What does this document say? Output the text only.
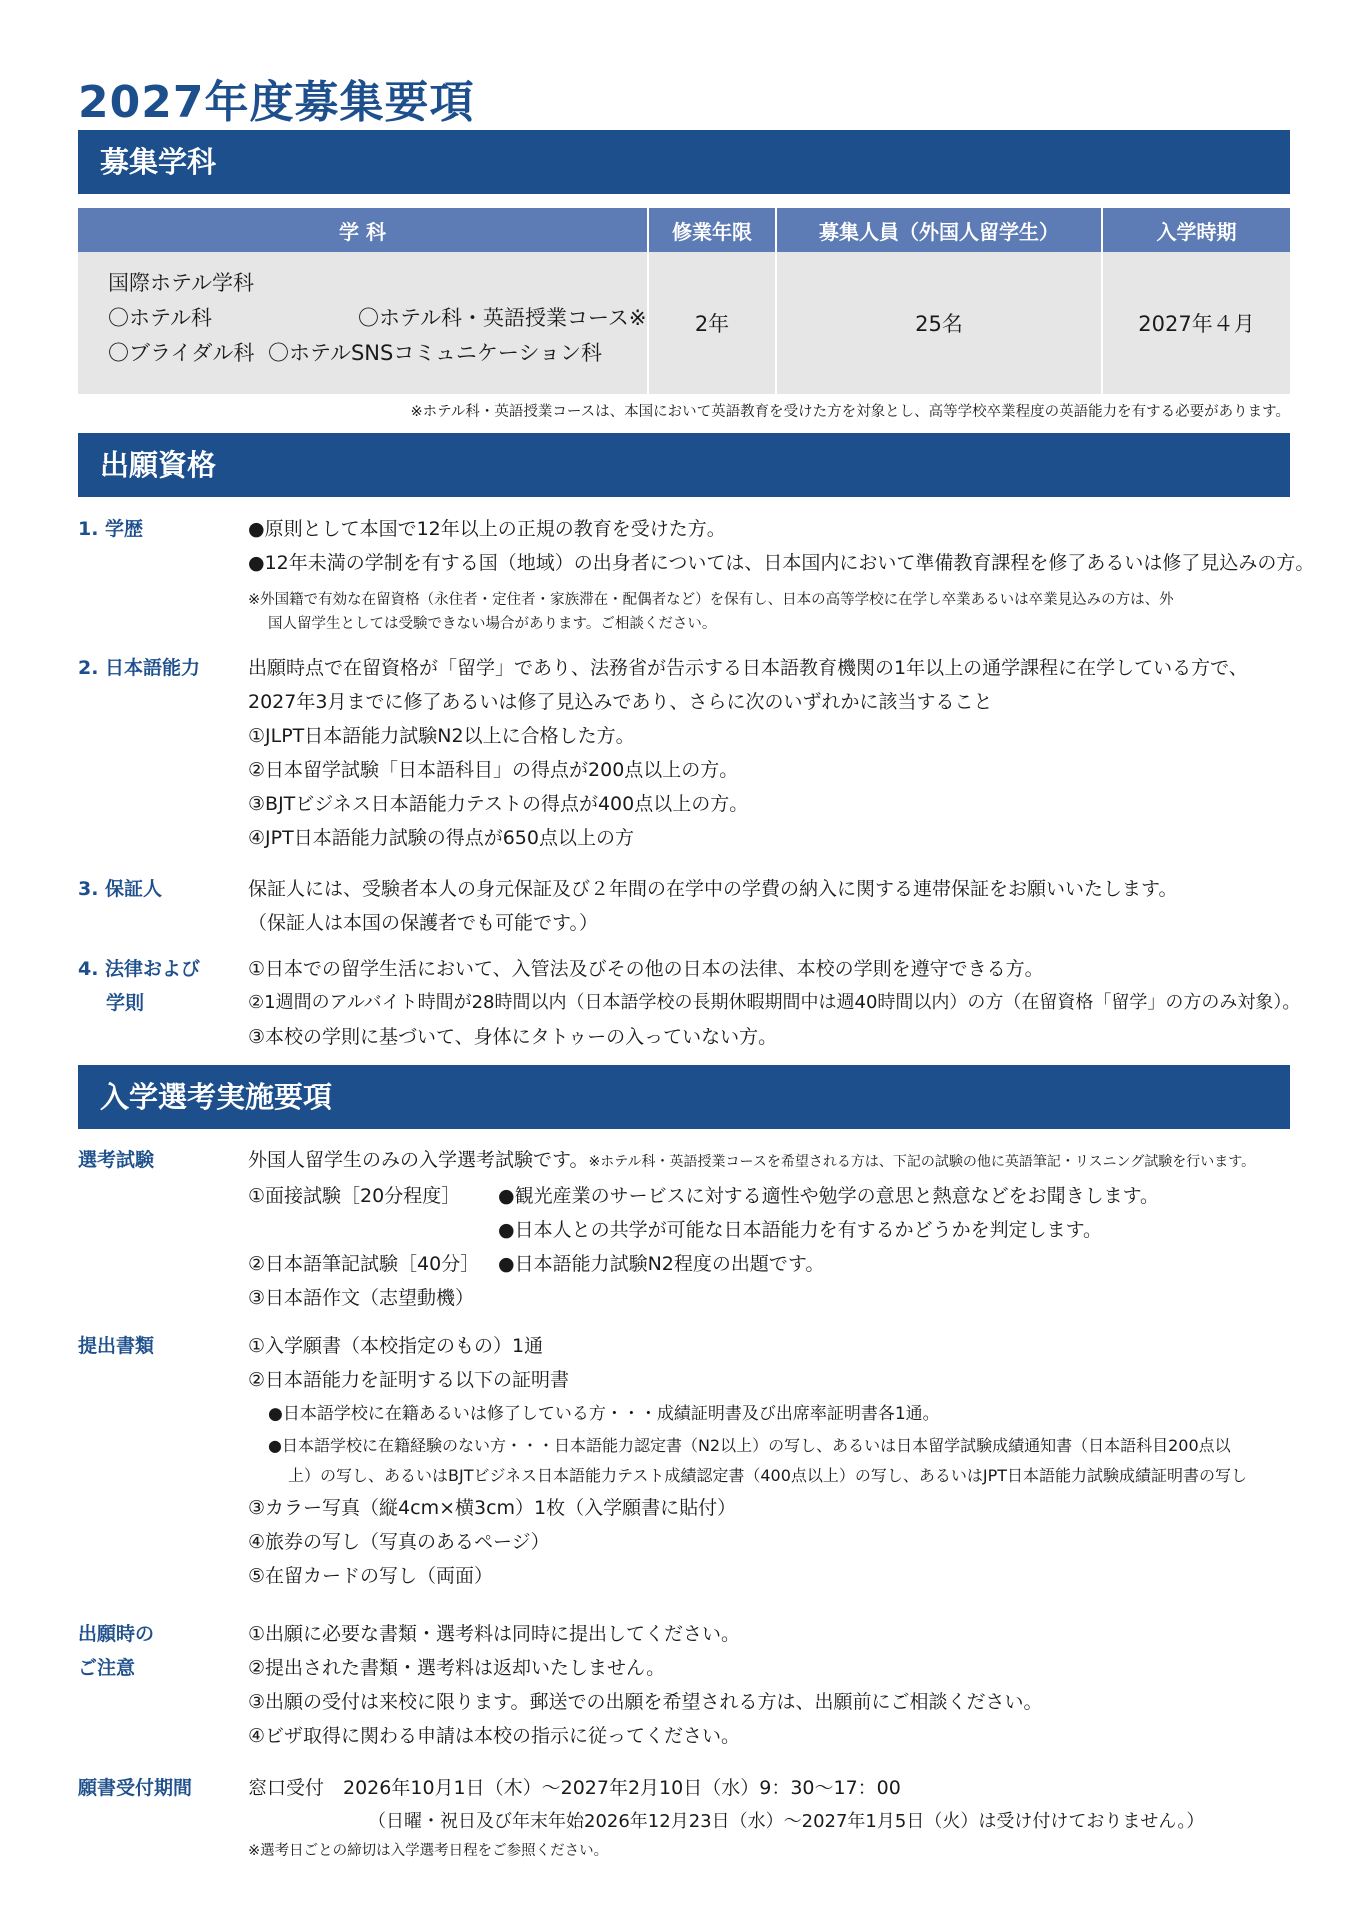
2027年度募集要項
募集学科
学 科	修業年限	募集人員（外国人留学生）	入学時期

国際ホテル学科
〇ホテル科 〇ホテル科・英語授業コース※
〇ブライダル科 〇ホテルSNSコミュニケーション科	2年	25名	2027年４月
※ホテル科・英語授業コースは、本国において英語教育を受けた方を対象とし、高等学校卒業程度の英語能力を有する必要があります。
出願資格
1. 学歴	●原則として本国で12年以上の正規の教育を受けた方。
●12年未満の学制を有する国（地域）の出身者については、日本国内において準備教育課程を修了あるいは修了見込みの方。
※外国籍で有効な在留資格（永住者・定住者・家族滞在・配偶者など）を保有し、日本の高等学校に在学し卒業あるいは卒業見込みの方は、外
国人留学生としては受験できない場合があります。ご相談ください。
2. 日本語能力	出願時点で在留資格が「留学」であり、法務省が告示する日本語教育機関の1年以上の通学課程に在学している方で、
2027年3月までに修了あるいは修了見込みであり、さらに次のいずれかに該当すること
①JLPT日本語能力試験N2以上に合格した方。
②日本留学試験「日本語科目」の得点が200点以上の方。
③BJTビジネス日本語能力テストの得点が400点以上の方。
④JPT日本語能力試験の得点が650点以上の方
3. 保証人	保証人には、受験者本人の身元保証及び２年間の在学中の学費の納入に関する連帯保証をお願いいたします。
（保証人は本国の保護者でも可能です。）
4. 法律および
学則
①日本での留学生活において、入管法及びその他の日本の法律、本校の学則を遵守できる方。
②1週間のアルバイト時間が28時間以内（日本語学校の長期休暇期間中は週40時間以内）の方（在留資格「留学」の方のみ対象）。
③本校の学則に基づいて、身体にタトゥーの入っていない方。
入学選考実施要項
選考試験	外国人留学生のみの入学選考試験です。※ホテル科・英語授業コースを希望される方は、下記の試験の他に英語筆記・リスニング試験を行います。
①面接試験［20分程度］ ●観光産業のサービスに対する適性や勉学の意思と熱意などをお聞きします。
●日本人との共学が可能な日本語能力を有するかどうかを判定します。
②日本語筆記試験［40分］ ●日本語能力試験N2程度の出題です。
③日本語作文（志望動機）
提出書類	①入学願書（本校指定のもの）1通
②日本語能力を証明する以下の証明書
●日本語学校に在籍あるいは修了している方・・・成績証明書及び出席率証明書各1通。
●日本語学校に在籍経験のない方・・・日本語能力認定書（N2以上）の写し、あるいは日本留学試験成績通知書（日本語科目200点以
上）の写し、あるいはBJTビジネス日本語能力テスト成績認定書（400点以上）の写し、あるいはJPT日本語能力試験成績証明書の写し
③カラー写真（縦4cm×横3cm）1枚（入学願書に貼付）
④旅券の写し（写真のあるページ）
⑤在留カードの写し（両面）
出願時の
ご注意
①出願に必要な書類・選考料は同時に提出してください。
②提出された書類・選考料は返却いたしません。
③出願の受付は来校に限ります。郵送での出願を希望される方は、出願前にご相談ください。
④ビザ取得に関わる申請は本校の指示に従ってください。
願書受付期間	窓口受付　2026年10月1日（木）～2027年2月10日（水）9：30～17：00
（日曜・祝日及び年末年始2026年12月23日（水）～2027年1月5日（火）は受け付けておりません。）
※選考日ごとの締切は入学選考日程をご参照ください。
